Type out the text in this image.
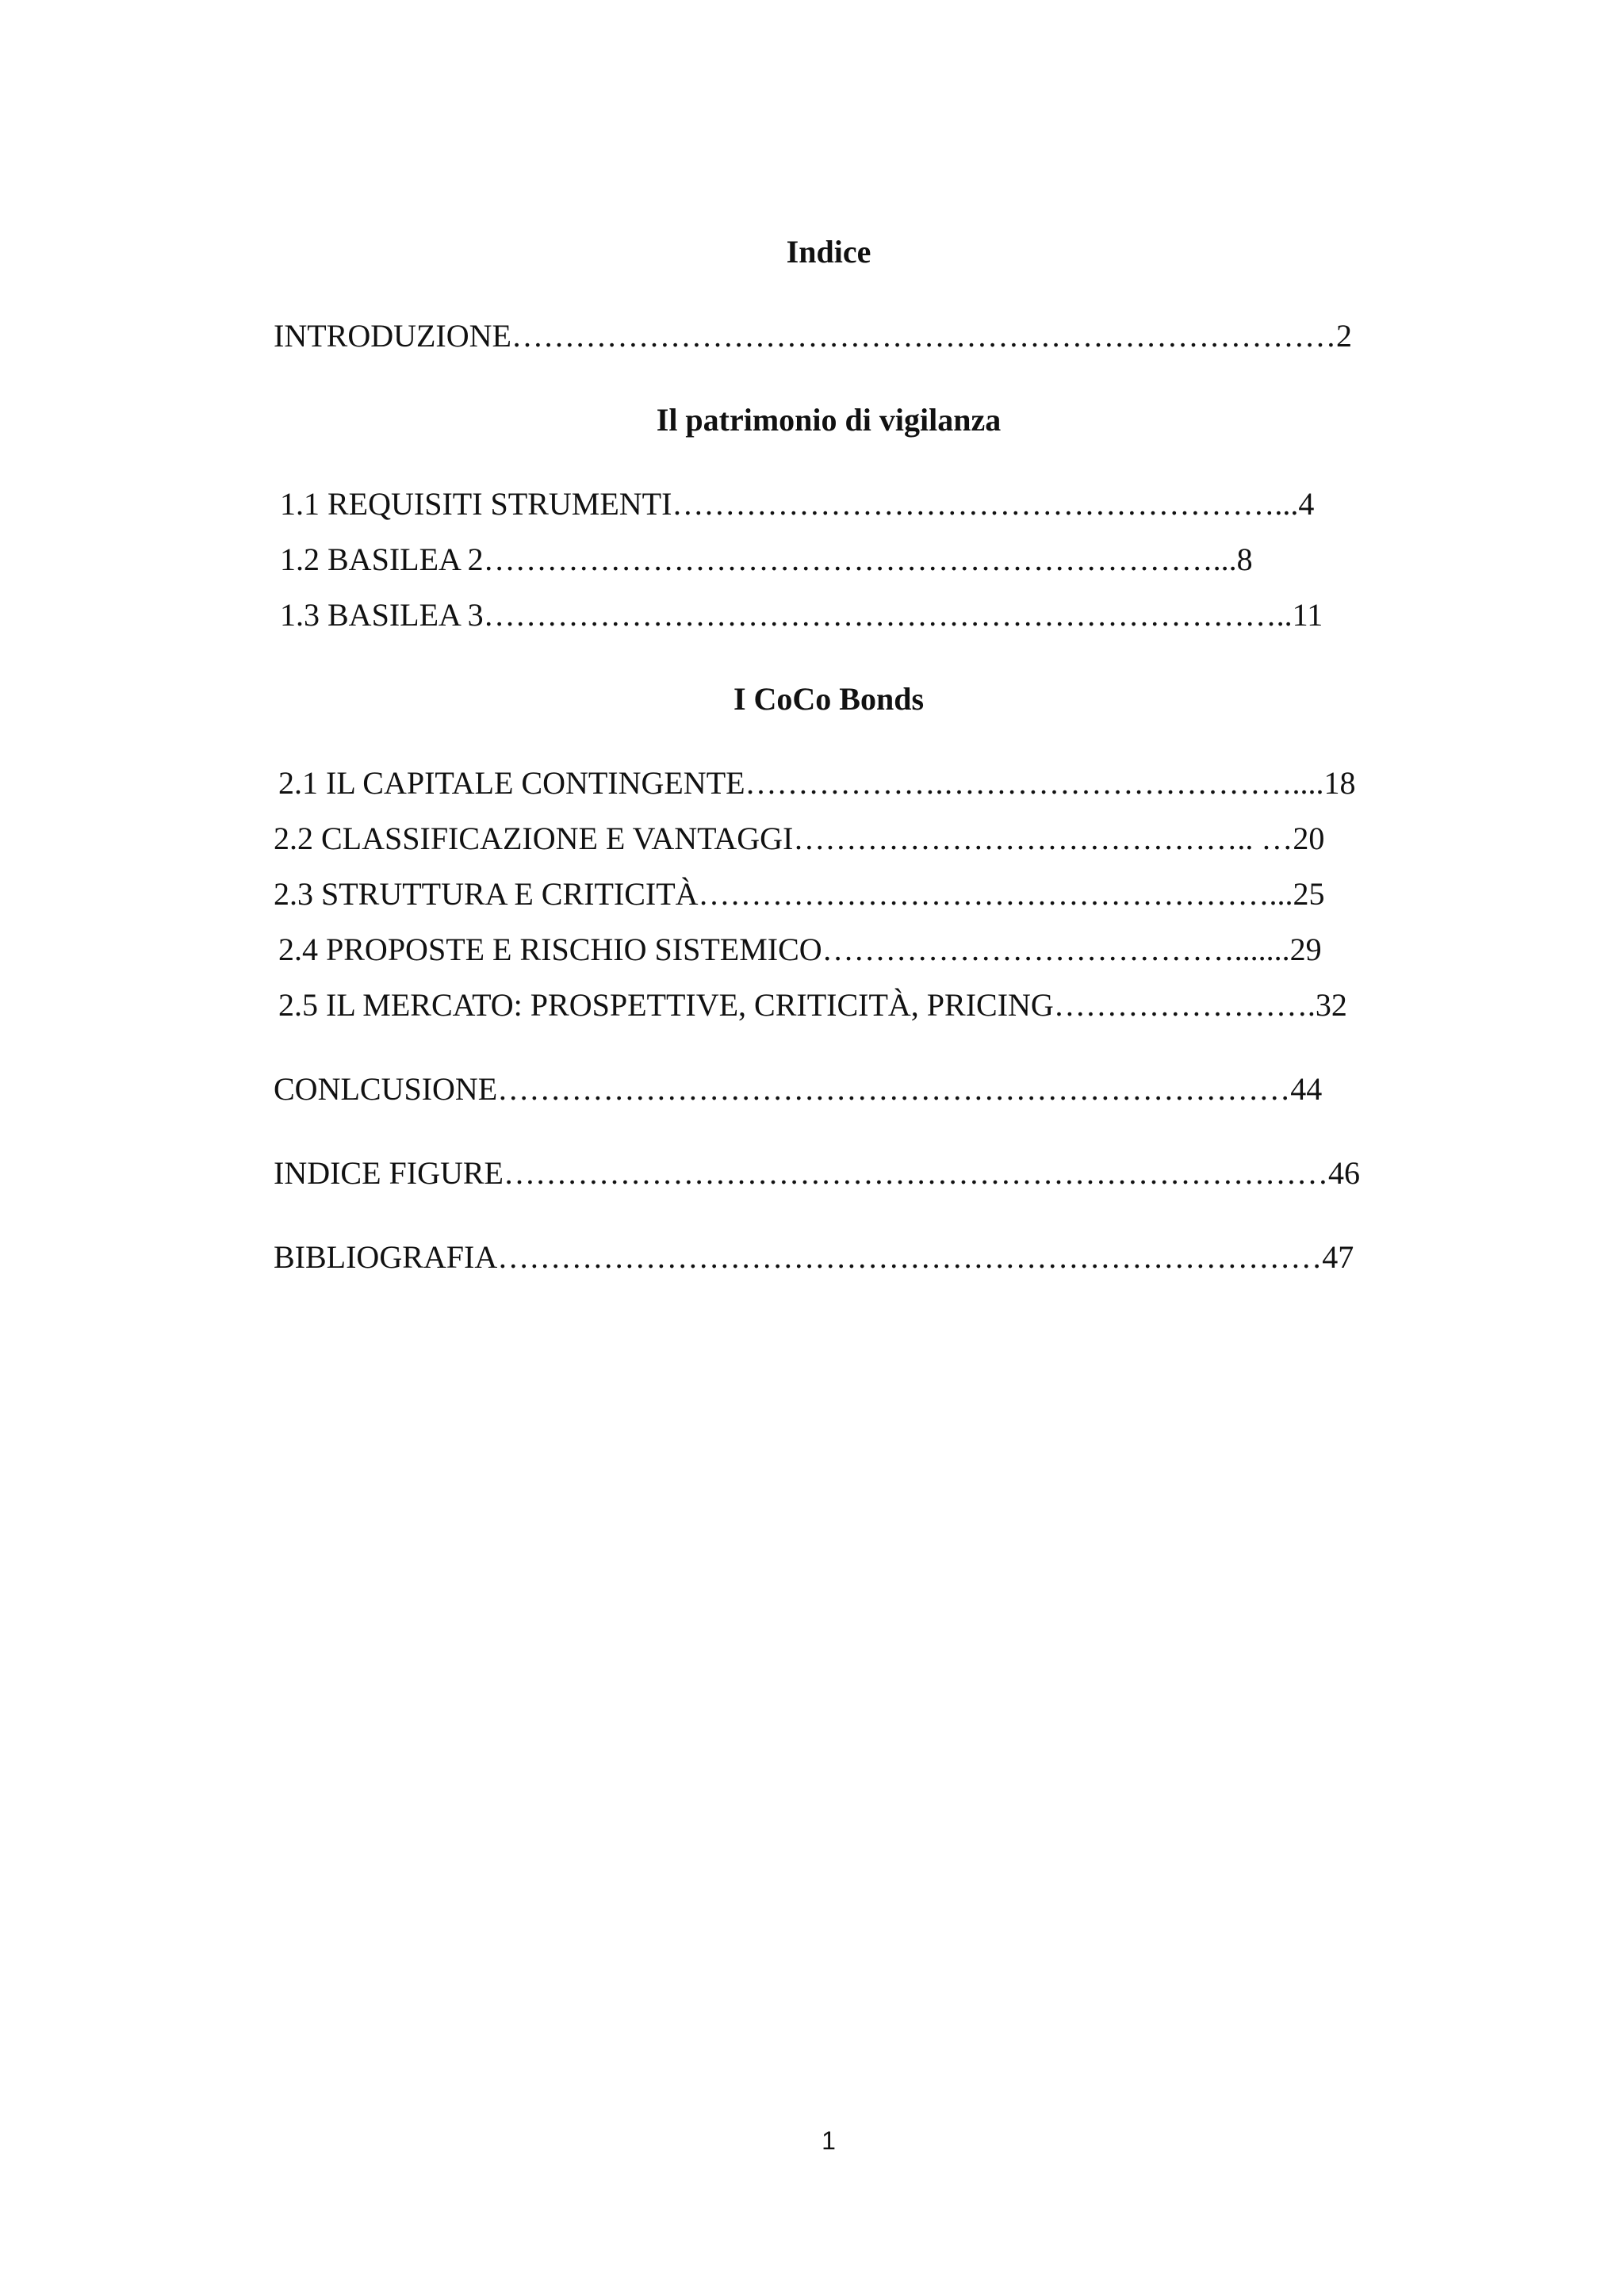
Indice
INTRODUZIONE……………………………………………………………………2
Il patrimonio di vigilanza
1.1 REQUISITI STRUMENTI…………………………………………………...4
1.2 BASILEA 2……………………………………………………………...8
1.3 BASILEA 3…………………………………………………………………..11
I CoCo Bonds
2.1 IL CAPITALE CONTINGENTE……………….……………………………....18
2.2 CLASSIFICAZIONE E VANTAGGI…………………………………….. …20
2.3 STRUTTURA E CRITICITÀ………………………………………………...25
2.4 PROPOSTE E RISCHIO SISTEMICO………………………………….......29
2.5 IL MERCATO: PROSPETTIVE, CRITICITÀ, PRICING…………………….32
CONLCUSIONE…………………………………………………………………44
INDICE FIGURE……………………………………………………………………46
BIBLIOGRAFIA……………………………………………………………………47
1
